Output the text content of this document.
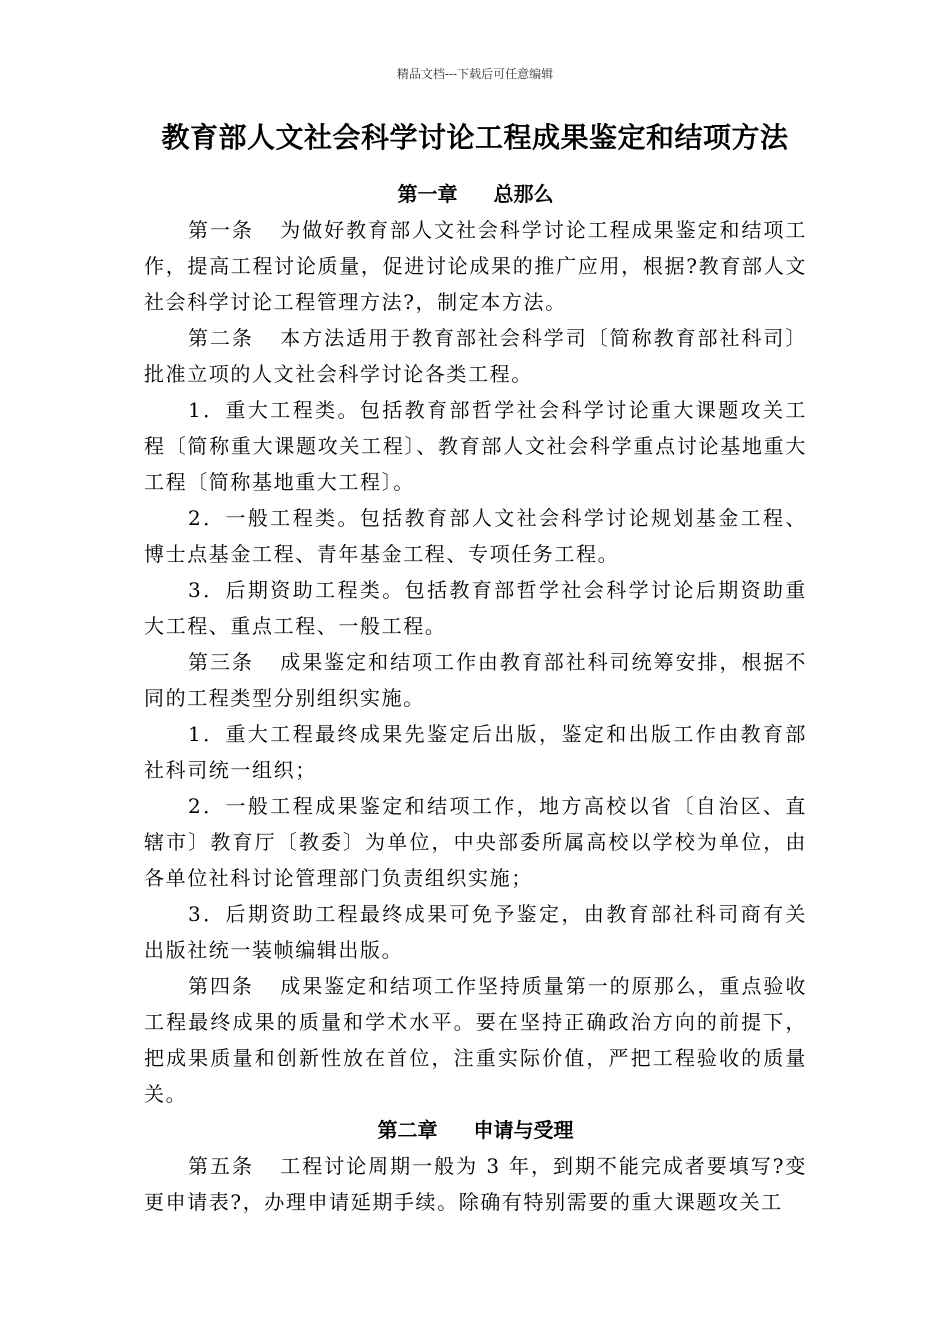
精品文档---下载后可任意编辑
教育部人文社会科学讨论工程成果鉴定和结项方法
第一章 总那么

第一条 为做好教育部人文社会科学讨论工程成果鉴定和结项工作，提高工程讨论质量，促进讨论成果的推广应用，根据?教育部人文社会科学讨论工程管理方法?，制定本方法。

第二条 本方法适用于教育部社会科学司〔简称教育部社科司〕批准立项的人文社会科学讨论各类工程。

1．重大工程类。包括教育部哲学社会科学讨论重大课题攻关工程〔简称重大课题攻关工程〕、教育部人文社会科学重点讨论基地重大工程〔简称基地重大工程〕。

2．一般工程类。包括教育部人文社会科学讨论规划基金工程、博士点基金工程、青年基金工程、专项任务工程。

3．后期资助工程类。包括教育部哲学社会科学讨论后期资助重大工程、重点工程、一般工程。

第三条 成果鉴定和结项工作由教育部社科司统筹安排，根据不同的工程类型分别组织实施。

1．重大工程最终成果先鉴定后出版，鉴定和出版工作由教育部社科司统一组织；

2．一般工程成果鉴定和结项工作，地方高校以省〔自治区、直辖市〕教育厅〔教委〕为单位，中央部委所属高校以学校为单位，由各单位社科讨论管理部门负责组织实施；

3．后期资助工程最终成果可免予鉴定，由教育部社科司商有关出版社统一装帧编辑出版。

第四条 成果鉴定和结项工作坚持质量第一的原那么，重点验收工程最终成果的质量和学术水平。要在坚持正确政治方向的前提下，把成果质量和创新性放在首位，注重实际价值，严把工程验收的质量关。

第二章 申请与受理

第五条 工程讨论周期一般为 3 年，到期不能完成者要填写?变更申请表?，办理申请延期手续。除确有特别需要的重大课题攻关工
